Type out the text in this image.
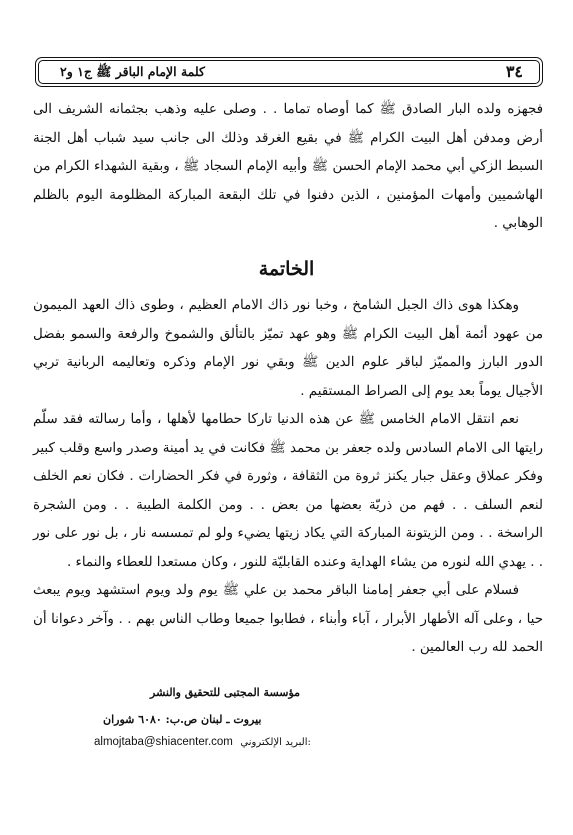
٣٤
كلمة الإمام الباقر ﷺ ج١ و٢

فجهزه ولده البار الصادق ﷺ كما أوصاه تماما . . وصلى عليه وذهب بجثمانه الشريف الى أرض ومدفن أهل البيت الكرام ﷺ في بقيع الغرقد وذلك الى جانب سيد شباب أهل الجنة السبط الزكي أبي محمد الإمام الحسن ﷺ وأبيه الإمام السجاد ﷺ ، وبقية الشهداء الكرام من الهاشميين وأمهات المؤمنين ، الذين دفنوا في تلك البقعة المباركة المظلومة اليوم بالظلم الوهابي .

الخاتمة

وهكذا هوى ذاك الجبل الشامخ ، وخبا نور ذاك الامام العظيم ، وطوى ذاك العهد الميمون من عهود أئمة أهل البيت الكرام ﷺ وهو عهد تميّز بالتألق والشموخ والرفعة والسمو بفضل الدور البارز والمميّز لباقر علوم الدين ﷺ وبقي نور الإمام وذكره وتعاليمه الربانية تربي الأجيال يوماً بعد يوم إلى الصراط المستقيم .

نعم انتقل الامام الخامس ﷺ عن هذه الدنيا تاركا حطامها لأهلها ، وأما رسالته فقد سلّم رايتها الى الامام السادس ولده جعفر بن محمد ﷺ فكانت في يد أمينة وصدر واسع وقلب كبير وفكر عملاق وعقل جبار يكنز ثروة من الثقافة ، وثورة في فكر الحضارات . فكان نعم الخلف لنعم السلف . . فهم من ذريّة بعضها من بعض . . ومن الكلمة الطيبة . . ومن الشجرة الراسخة . . ومن الزيتونة المباركة التي يكاد زيتها يضيء ولو لم تمسسه نار ، بل نور على نور . . يهدي الله لنوره من يشاء الهداية وعنده القابليّة للنور ، وكان مستعدا للعطاء والنماء .

فسلام على أبي جعفر إمامنا الباقر محمد بن علي ﷺ يوم ولد ويوم استشهد ويوم يبعث حيا ، وعلى آله الأطهار الأبرار ، آباء وأبناء ، فطابوا جميعا وطاب الناس بهم . . وآخر دعوانا أن الحمد لله رب العالمين .

مؤسسة المجتبى للتحقيق والنشر
بيروت ـ لبنان ص.ب: ٦٠٨٠ شوران
almojtaba@shiacenter.com البريد الإلكتروني:
